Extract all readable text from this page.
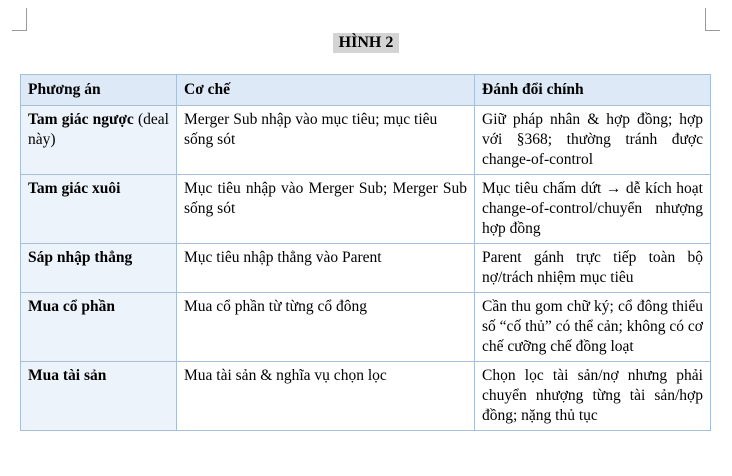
HÌNH 2
Phương án	Cơ chế	Đánh đổi chính
Tam giác ngược (deal này)	Merger Sub nhập vào mục tiêu; mục tiêu sống sót	Giữ pháp nhân & hợp đồng; hợp với §368; thường tránh được change-of-control
Tam giác xuôi	Mục tiêu nhập vào Merger Sub; Merger Sub sống sót	Mục tiêu chấm dứt → dễ kích hoạt change-of-control/chuyển nhượng hợp đồng
Sáp nhập thẳng	Mục tiêu nhập thẳng vào Parent	Parent gánh trực tiếp toàn bộ nợ/trách nhiệm mục tiêu
Mua cổ phần	Mua cổ phần từ từng cổ đông	Cần thu gom chữ ký; cổ đông thiểu số “cố thủ” có thể cản; không có cơ chế cưỡng chế đồng loạt
Mua tài sản	Mua tài sản & nghĩa vụ chọn lọc	Chọn lọc tài sản/nợ nhưng phải chuyển nhượng từng tài sản/hợp đồng; nặng thủ tục
